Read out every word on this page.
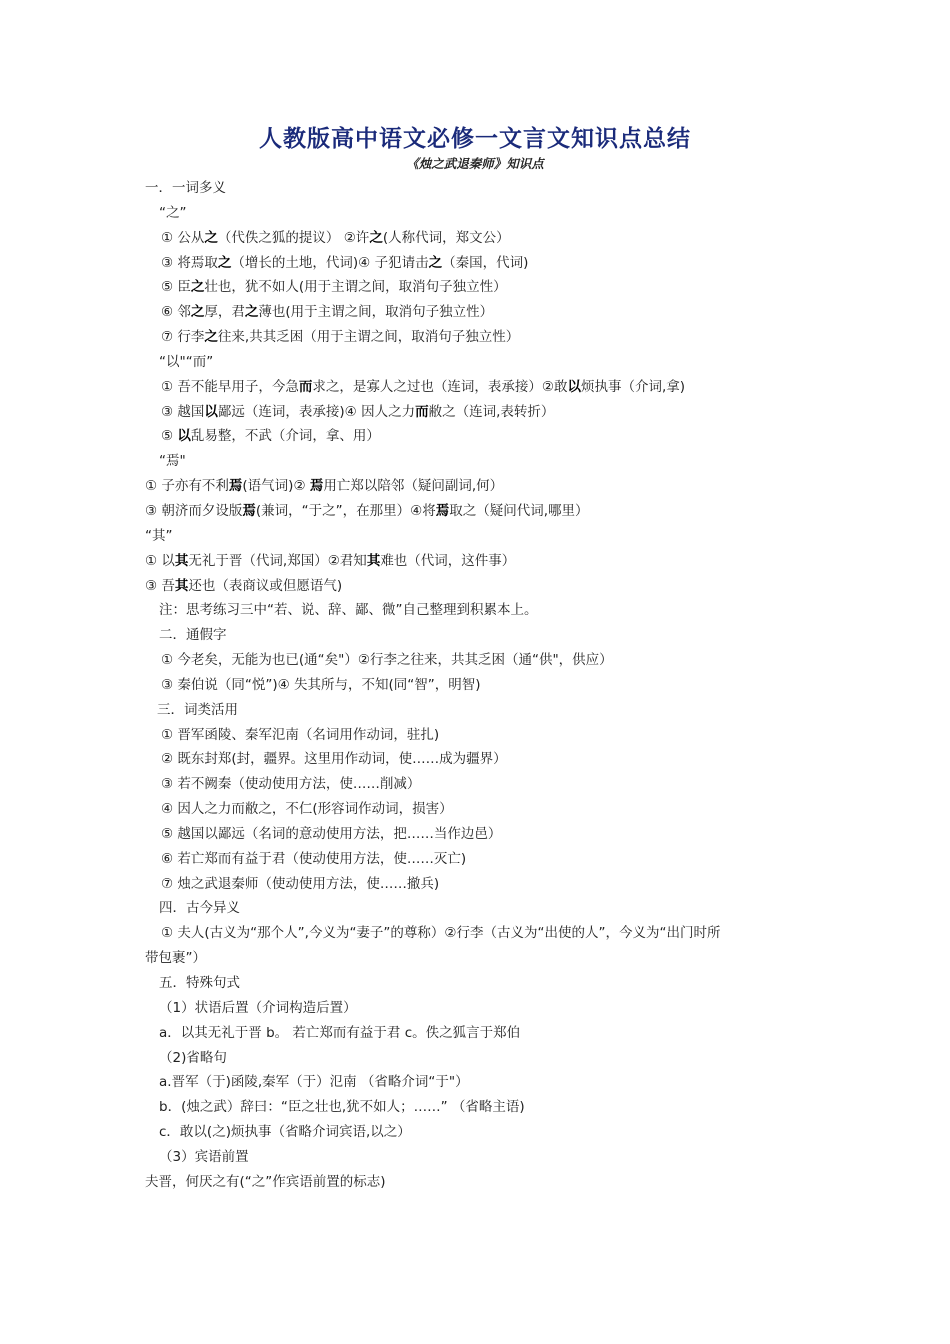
人教版高中语文必修一文言文知识点总结

《烛之武退秦师》知识点

一．一词多义
“之”
① 公从之（代佚之狐的提议） ②许之(人称代词，郑文公）
③ 将焉取之（增长的土地，代词)④ 子犯请击之（秦国，代词)
⑤ 臣之壮也，犹不如人(用于主谓之间，取消句子独立性）
⑥ 邻之厚，君之薄也(用于主谓之间，取消句子独立性）
⑦ 行李之往来,共其乏困（用于主谓之间，取消句子独立性）
“以"“而”
① 吾不能早用子，今急而求之，是寡人之过也（连词，表承接）②敢以烦执事（介词,拿)
③ 越国以鄙远（连词，表承接)④ 因人之力而敝之（连词,表转折）
⑤ 以乱易整，不武（介词，拿、用）
“焉"
① 子亦有不利焉(语气词)② 焉用亡郑以陪邻（疑问副词,何）
③ 朝济而夕设版焉(兼词，“于之”，在那里）④将焉取之（疑问代词,哪里）
“其”
① 以其无礼于晋（代词,郑国）②君知其难也（代词，这件事）
③ 吾其还也（表商议或但愿语气)
注：思考练习三中“若、说、辞、鄙、微”自己整理到积累本上。
二．通假字
① 今老矣，无能为也已(通“矣"）②行李之往来，共其乏困（通“供"，供应）
③ 秦伯说（同“悦”)④ 失其所与，不知(同“智”，明智)
三．词类活用
① 晋军函陵、秦军氾南（名词用作动词，驻扎)
② 既东封郑(封，疆界。这里用作动词，使……成为疆界）
③ 若不阙秦（使动使用方法，使……削减）
④ 因人之力而敝之，不仁(形容词作动词，损害）
⑤ 越国以鄙远（名词的意动使用方法，把……当作边邑）
⑥ 若亡郑而有益于君（使动使用方法，使……灭亡)
⑦ 烛之武退秦师（使动使用方法，使……撤兵)
四．古今异义
① 夫人(古义为“那个人”,今义为“妻子”的尊称）②行李（古义为“出使的人”，今义为“出门时所
带包裹”）
五．特殊句式
（1）状语后置（介词构造后置）
a．以其无礼于晋 b。 若亡郑而有益于君 c。佚之狐言于郑伯
（2)省略句
a.晋军（于)函陵,秦军（于）氾南 （省略介词“于"）
b．(烛之武）辞曰：“臣之壮也,犹不如人；……” （省略主语)
c．敢以(之)烦执事（省略介词宾语,以之）
（3）宾语前置
夫晋，何厌之有(“之”作宾语前置的标志)
